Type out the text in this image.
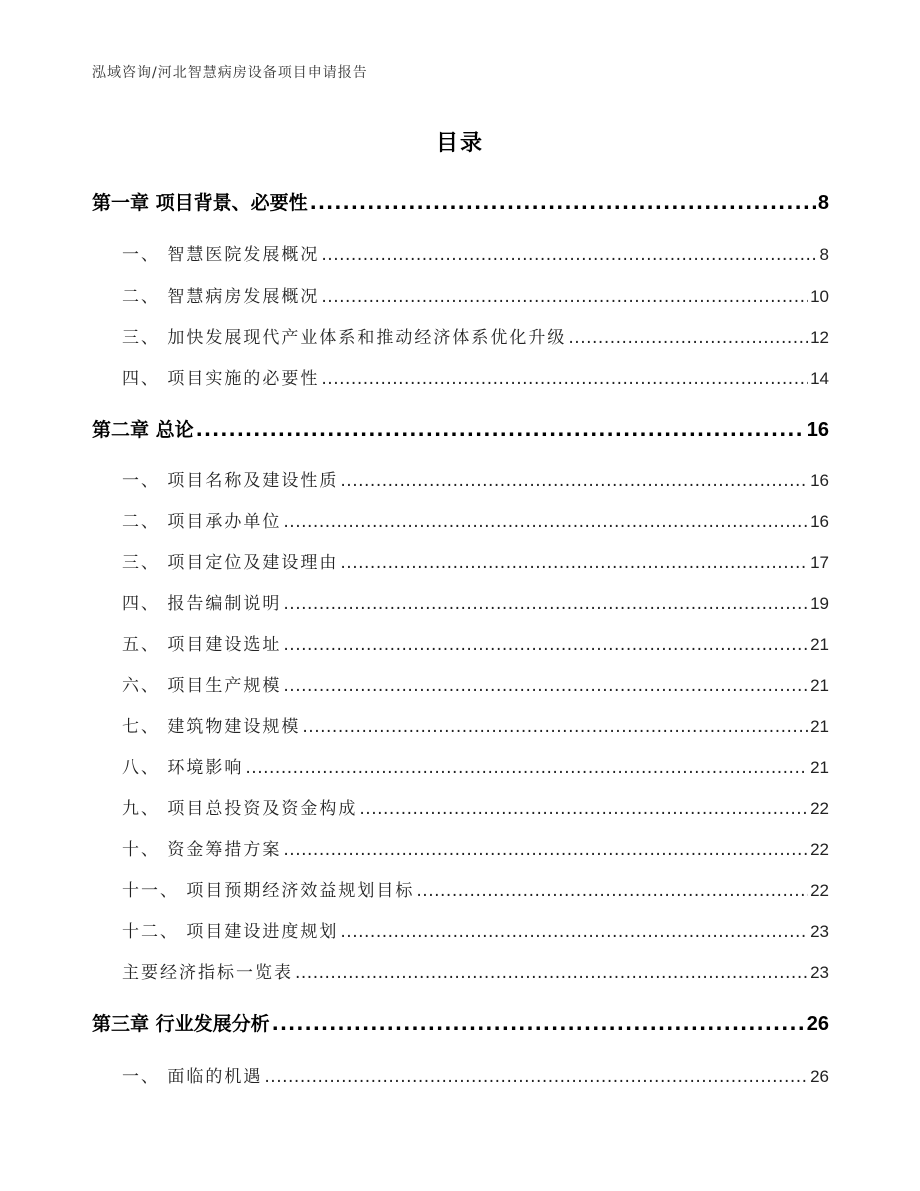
泓域咨询/河北智慧病房设备项目申请报告
目录
第一章 项目背景、必要性 .....	8
一、 智慧医院发展概况 .....	8
二、 智慧病房发展概况 .....	10
三、 加快发展现代产业体系和推动经济体系优化升级 .....	12
四、 项目实施的必要性 .....	14
第二章 总论 .....	16
一、 项目名称及建设性质 .....	16
二、 项目承办单位 .....	16
三、 项目定位及建设理由 .....	17
四、 报告编制说明 .....	19
五、 项目建设选址 .....	21
六、 项目生产规模 .....	21
七、 建筑物建设规模 .....	21
八、 环境影响 .....	21
九、 项目总投资及资金构成 .....	22
十、 资金筹措方案 .....	22
十一、 项目预期经济效益规划目标 .....	22
十二、 项目建设进度规划 .....	23
主要经济指标一览表 .....	23
第三章 行业发展分析 .....	26
一、 面临的机遇 .....	26
